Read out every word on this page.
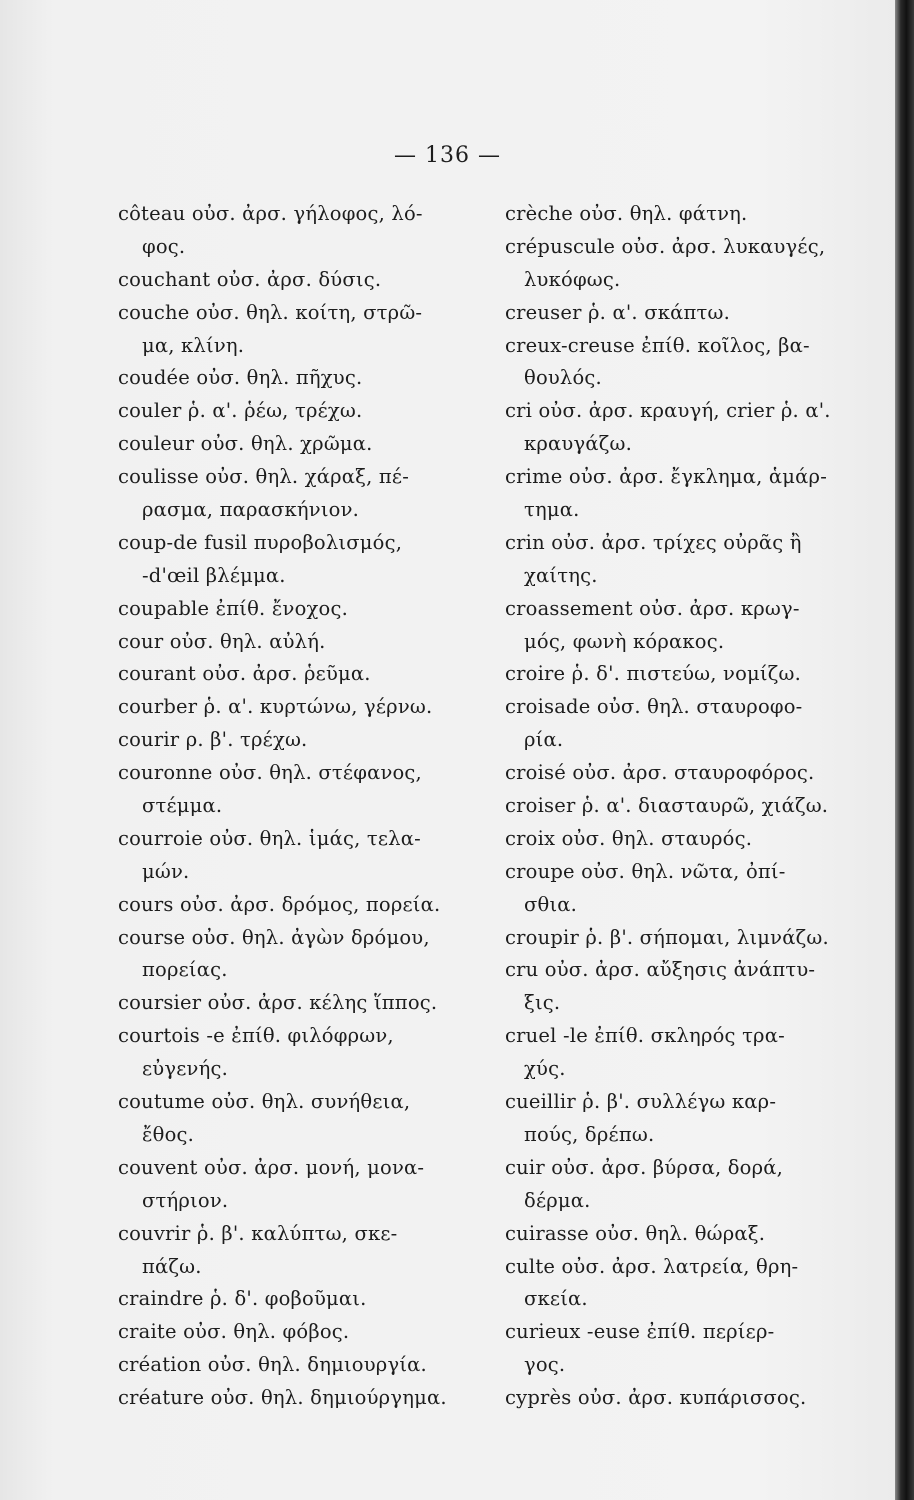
— 136 —
côteau οὐσ. ἀρσ. γήλοφος, λό-
φος.
couchant οὐσ. ἀρσ. δύσις.
couche οὐσ. θηλ. κοίτη, στρῶ-
μα, κλίνη.
coudée οὐσ. θηλ. πῆχυς.
couler ῥ. α'. ῥέω, τρέχω.
couleur οὐσ. θηλ. χρῶμα.
coulisse οὐσ. θηλ. χάραξ, πέ-
ρασμα, παρασκήνιον.
coup-de fusil πυροβολισμός,
-d'œil βλέμμα.
coupable ἐπίθ. ἔνοχος.
cour οὐσ. θηλ. αὐλή.
courant οὐσ. ἀρσ. ῥεῦμα.
courber ῥ. α'. κυρτώνω, γέρνω.
courir ρ. β'. τρέχω.
couronne οὐσ. θηλ. στέφανος,
στέμμα.
courroie οὐσ. θηλ. ἱμάς, τελα-
μών.
cours οὐσ. ἀρσ. δρόμος, πορεία.
course οὐσ. θηλ. ἀγὼν δρόμου,
πορείας.
coursier οὐσ. ἀρσ. κέλης ἵππος.
courtois -e ἐπίθ. φιλόφρων,
εὐγενής.
coutume οὐσ. θηλ. συνήθεια,
ἔθος.
couvent οὐσ. ἀρσ. μονή, μονα-
στήριον.
couvrir ῥ. β'. καλύπτω, σκε-
πάζω.
craindre ῥ. δ'. φοβοῦμαι.
craite οὐσ. θηλ. φόβος.
création οὐσ. θηλ. δημιουργία.
créature οὐσ. θηλ. δημιούργημα.
crèche οὐσ. θηλ. φάτνη.
crépuscule οὐσ. ἀρσ. λυκαυγές,
λυκόφως.
creuser ῥ. α'. σκάπτω.
creux-creuse ἐπίθ. κοῖλος, βα-
θουλός.
cri οὐσ. ἀρσ. κραυγή, crier ῥ. α'.
κραυγάζω.
crime οὐσ. ἀρσ. ἔγκλημα, ἁμάρ-
τημα.
crin οὐσ. ἀρσ. τρίχες οὐρᾶς ἢ
χαίτης.
croassement οὐσ. ἀρσ. κρωγ-
μός, φωνὴ κόρακος.
croire ῥ. δ'. πιστεύω, νομίζω.
croisade οὐσ. θηλ. σταυροφο-
ρία.
croisé οὐσ. ἀρσ. σταυροφόρος.
croiser ῥ. α'. διασταυρῶ, χιάζω.
croix οὐσ. θηλ. σταυρός.
croupe οὐσ. θηλ. νῶτα, ὀπί-
σθια.
croupir ῥ. β'. σήπομαι, λιμνάζω.
cru οὐσ. ἀρσ. αὔξησις ἀνάπτυ-
ξις.
cruel -le ἐπίθ. σκληρός τρα-
χύς.
cueillir ῥ. β'. συλλέγω καρ-
πούς, δρέπω.
cuir οὐσ. ἀρσ. βύρσα, δορά,
δέρμα.
cuirasse οὐσ. θηλ. θώραξ.
culte οὐσ. ἀρσ. λατρεία, θρη-
σκεία.
curieux -euse ἐπίθ. περίερ-
γος.
cyprès οὐσ. ἀρσ. κυπάρισσος.
